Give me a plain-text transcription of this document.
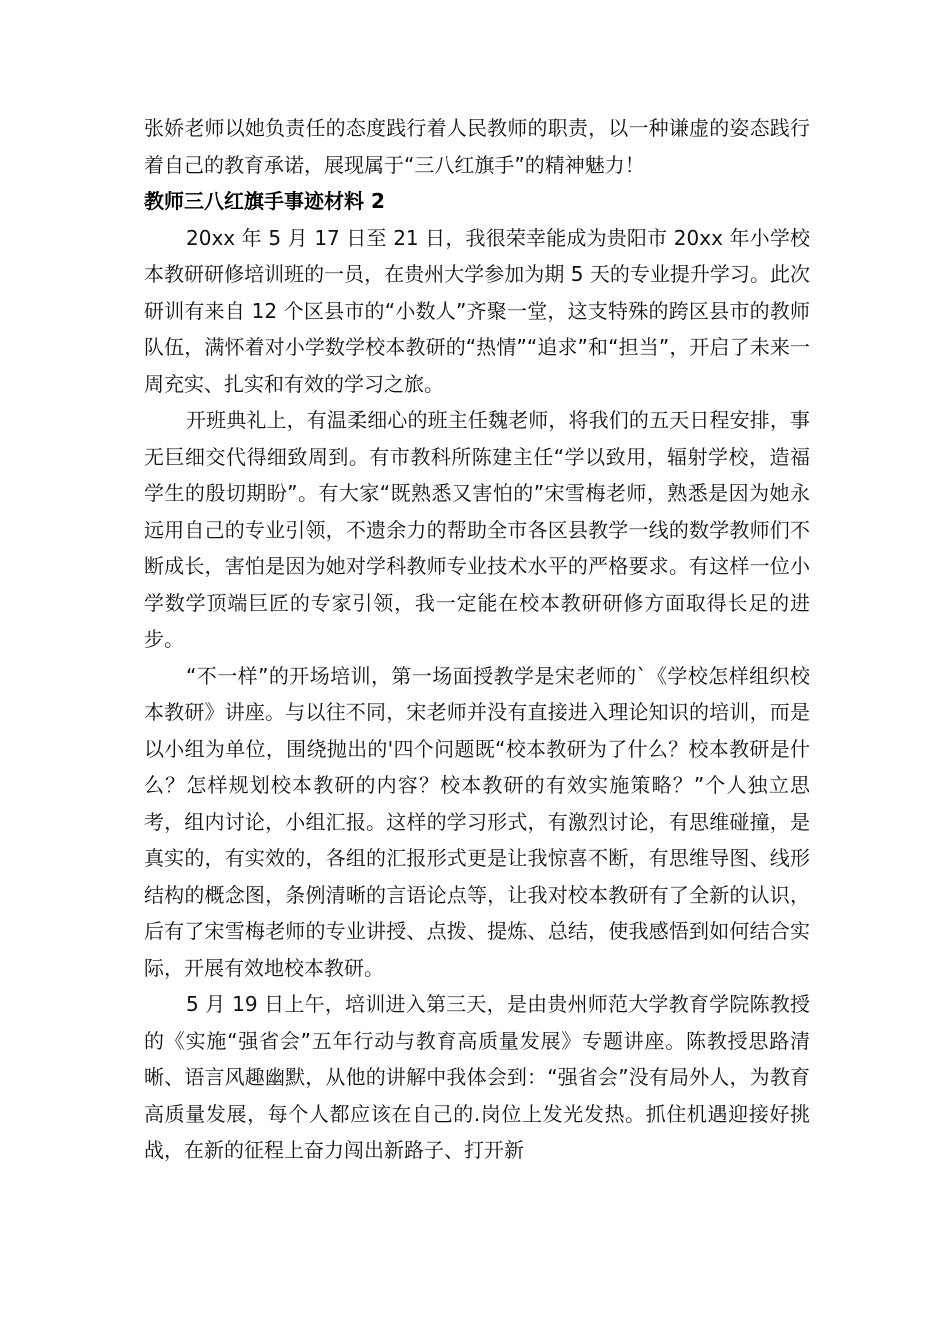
张娇老师以她负责任的态度践行着人民教师的职责，以一种谦虚的姿态践行着自己的教育承诺，展现属于“三八红旗手”的精神魅力！

教师三八红旗手事迹材料 2

20xx 年 5 月 17 日至 21 日，我很荣幸能成为贵阳市 20xx 年小学校本教研研修培训班的一员，在贵州大学参加为期 5 天的专业提升学习。此次研训有来自 12 个区县市的“小数人”齐聚一堂，这支特殊的跨区县市的教师队伍，满怀着对小学数学校本教研的“热情”“追求”和“担当”，开启了未来一周充实、扎实和有效的学习之旅。

开班典礼上，有温柔细心的班主任魏老师，将我们的五天日程安排，事无巨细交代得细致周到。有市教科所陈建主任“学以致用，辐射学校，造福学生的殷切期盼”。有大家“既熟悉又害怕的”宋雪梅老师，熟悉是因为她永远用自己的专业引领，不遗余力的帮助全市各区县教学一线的数学教师们不断成长，害怕是因为她对学科教师专业技术水平的严格要求。有这样一位小学数学顶端巨匠的专家引领，我一定能在校本教研研修方面取得长足的进步。

“不一样”的开场培训，第一场面授教学是宋老师的`《学校怎样组织校本教研》讲座。与以往不同，宋老师并没有直接进入理论知识的培训，而是以小组为单位，围绕抛出的'四个问题既“校本教研为了什么？校本教研是什么？怎样规划校本教研的内容？校本教研的有效实施策略？”个人独立思考，组内讨论，小组汇报。这样的学习形式，有激烈讨论，有思维碰撞，是真实的，有实效的，各组的汇报形式更是让我惊喜不断，有思维导图、线形结构的概念图，条例清晰的言语论点等，让我对校本教研有了全新的认识，后有了宋雪梅老师的专业讲授、点拨、提炼、总结，使我感悟到如何结合实际，开展有效地校本教研。

5 月 19 日上午，培训进入第三天，是由贵州师范大学教育学院陈教授的《实施“强省会”五年行动与教育高质量发展》专题讲座。陈教授思路清晰、语言风趣幽默，从他的讲解中我体会到：“强省会”没有局外人，为教育高质量发展，每个人都应该在自己的.岗位上发光发热。抓住机遇迎接好挑战，在新的征程上奋力闯出新路子、打开新
